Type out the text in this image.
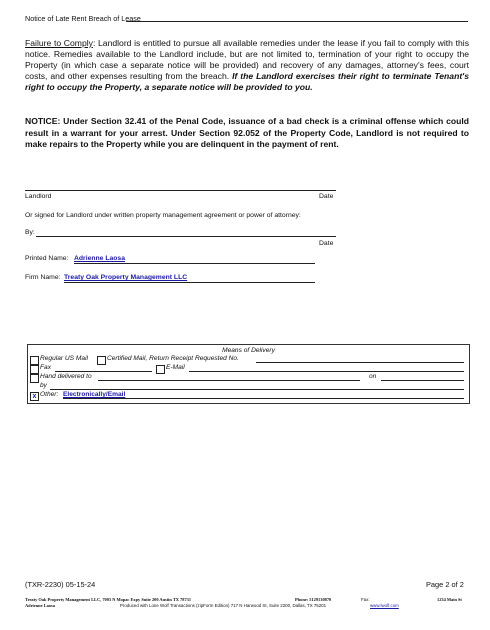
Notice of Late Rent Breach of Lease
Failure to Comply: Landlord is entitled to pursue all available remedies under the lease if you fail to comply with this notice. Remedies available to the Landlord include, but are not limited to, termination of your right to occupy the Property (in which case a separate notice will be provided) and recovery of any damages, attorney's fees, court costs, and other expenses resulting from the breach. If the Landlord exercises their right to terminate Tenant's right to occupy the Property, a separate notice will be provided to you.
NOTICE: Under Section 32.41 of the Penal Code, issuance of a bad check is a criminal offense which could result in a warrant for your arrest. Under Section 92.052 of the Property Code, Landlord is not required to make repairs to the Property while you are delinquent in the payment of rent.
Landlord	Date
Or signed for Landlord under written property management agreement or power of attorney:
By:
Date
Printed Name: Adrienne Laosa
Firm Name: Treaty Oak Property Management LLC
Means of Delivery
Regular US Mail	Certified Mail, Return Receipt Requested No.
Fax	E-Mail
Hand delivered to	on
by
x Other: Electronically/Email
(TXR-2230) 05-15-24	Page 2 of 2
Treaty Oak Property Management LLC, 7003 N Mopac Expy Suite 200 Austin TX 78731	Phone: 5129130870	Fax:	1234 Main St
Adrienne Laosa	Produced with Lone Wolf Transactions (zipForm Edition) 717 N Harwood St, Suite 2200, Dallas, TX 75201	www.lwolf.com
